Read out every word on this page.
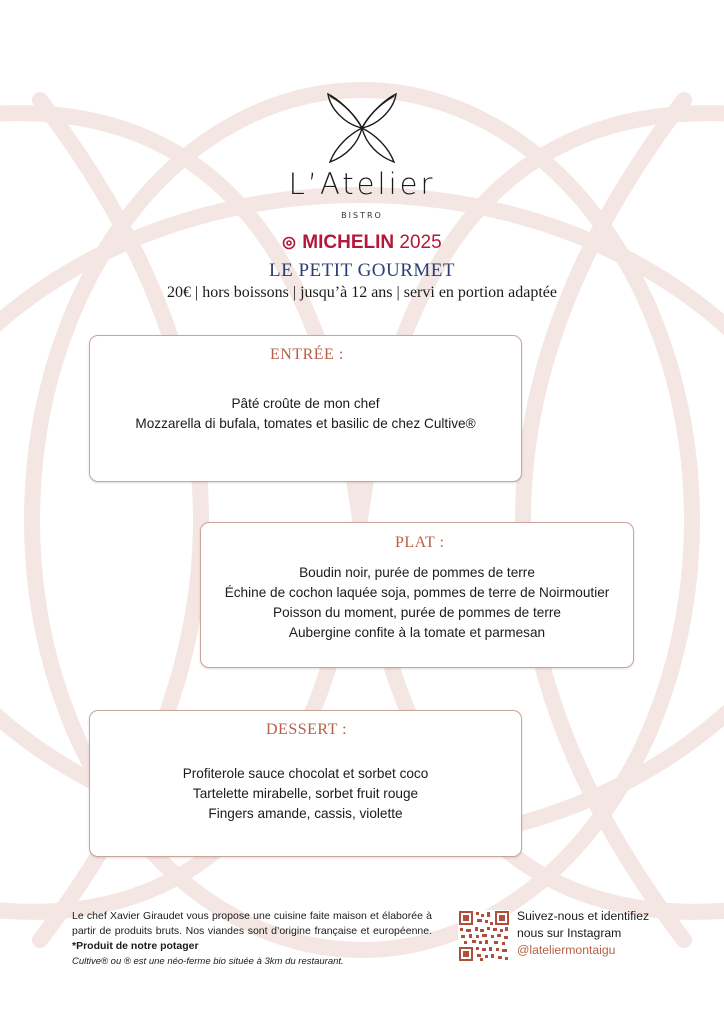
L’Atelier
BISTRO
MICHELIN 2025
LE PETIT GOURMET
20€ | hors boissons | jusqu’à 12 ans | servi en portion adaptée
ENTRÉE :
Pâté croûte de mon chef
Mozzarella di bufala, tomates et basilic de chez Cultive®
PLAT :
Boudin noir, purée de pommes de terre
Échine de cochon laquée soja, pommes de terre de Noirmoutier
Poisson du moment, purée de pommes de terre
Aubergine confite à la tomate et parmesan
DESSERT :
Profiterole sauce chocolat et sorbet coco
Tartelette mirabelle, sorbet fruit rouge
Fingers amande, cassis, violette
Le chef Xavier Giraudet vous propose une cuisine faite maison et élaborée à partir de produits bruts. Nos viandes sont d’origine française et européenne. *Produit de notre potager
Cultive® ou ® est une néo-ferme bio située à 3km du restaurant.
Suivez-nous et identifiez
nous sur Instagram
@lateliermontaigu
